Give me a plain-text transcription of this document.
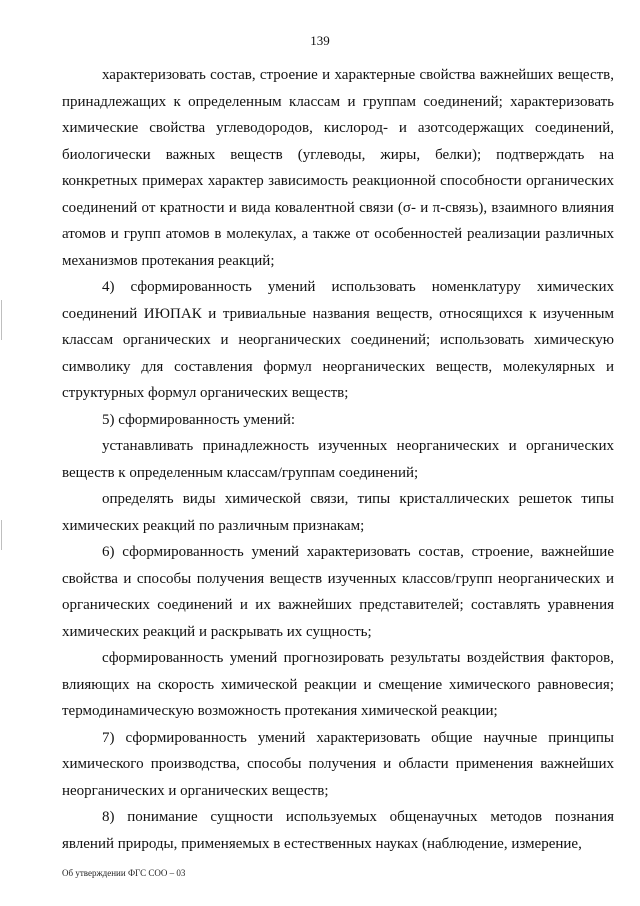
139

характеризовать состав, строение и характерные свойства важнейших веществ, принадлежащих к определенным классам и группам соединений; характеризовать химические свойства углеводородов, кислород- и азотсодержащих соединений, биологически важных веществ (углеводы, жиры, белки); подтверждать на конкретных примерах характер зависимость реакционной способности органических соединений от кратности и вида ковалентной связи (σ- и π-связь), взаимного влияния атомов и групп атомов в молекулах, а также от особенностей реализации различных механизмов протекания реакций;

4) сформированность умений использовать номенклатуру химических соединений ИЮПАК и тривиальные названия веществ, относящихся к изученным классам органических и неорганических соединений; использовать химическую символику для составления формул неорганических веществ, молекулярных и структурных формул органических веществ;

5) сформированность умений:

устанавливать принадлежность изученных неорганических и органических веществ к определенным классам/группам соединений;

определять виды химической связи, типы кристаллических решеток типы химических реакций по различным признакам;

6) сформированность умений характеризовать состав, строение, важнейшие свойства и способы получения веществ изученных классов/групп неорганических и органических соединений и их важнейших представителей; составлять уравнения химических реакций и раскрывать их сущность;

сформированность умений прогнозировать результаты воздействия факторов, влияющих на скорость химической реакции и смещение химического равновесия; термодинамическую возможность протекания химической реакции;

7) сформированность умений характеризовать общие научные принципы химического производства, способы получения и области применения важнейших неорганических и органических веществ;

8) понимание сущности используемых общенаучных методов познания явлений природы, применяемых в естественных науках (наблюдение, измерение,

Об утверждении ФГС СОО – 03
